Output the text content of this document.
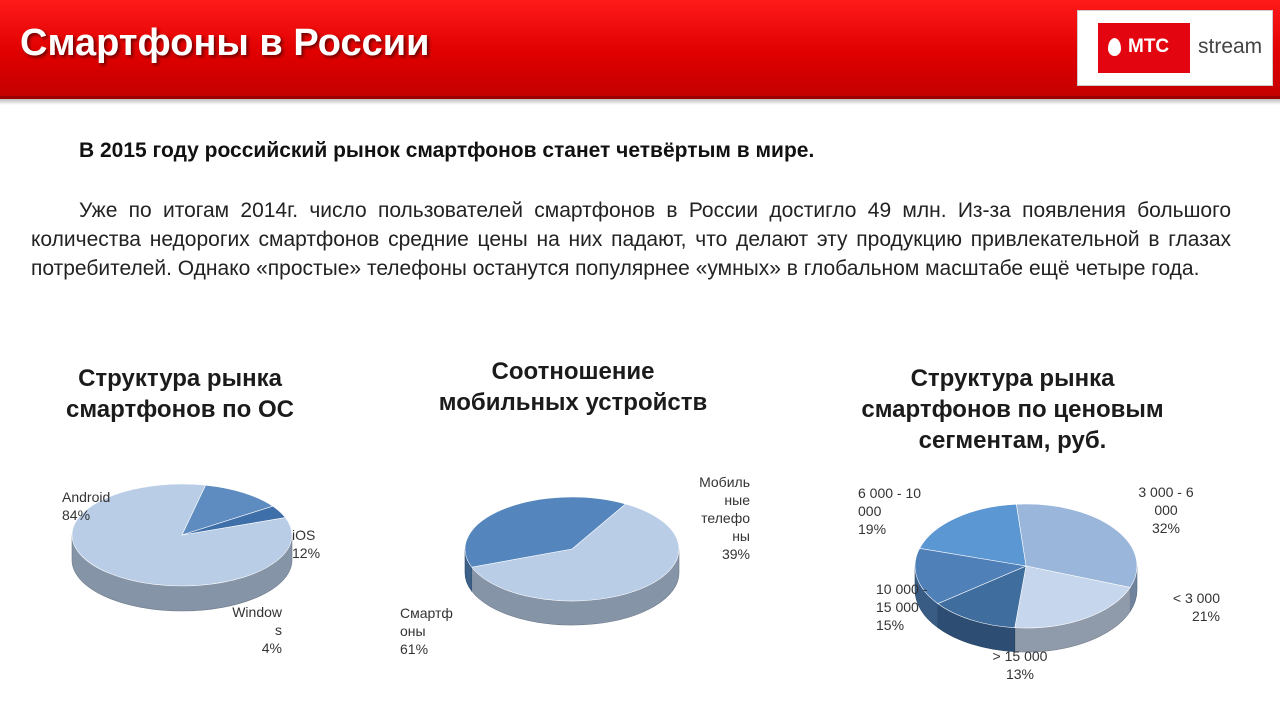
Смартфоны в России	МТС stream
В 2015 году российский рынок смартфонов станет четвёртым в мире.
Уже по итогам 2014г. число пользователей смартфонов в России достигло 49 млн. Из-за появления большого количества недорогих смартфонов средние цены на них падают, что делают эту продукцию привлекательной в глазах потребителей. Однако «простые» телефоны останутся популярнее «умных» в глобальном масштабе ещё четыре года.
Структура рынка
смартфонов по ОС
Соотношение
мобильных устройств
Структура рынка
смартфонов по ценовым
сегментам, руб.
Android 84%
iOS 12%
Window s 4%
Смартф оны 61%
Мобиль ные телефо ны 39%
3 000 - 6 000 32%
< 3 000 21%
> 15 000 13%
10 000 -15 000 15%
6 000 - 10 000 19%
